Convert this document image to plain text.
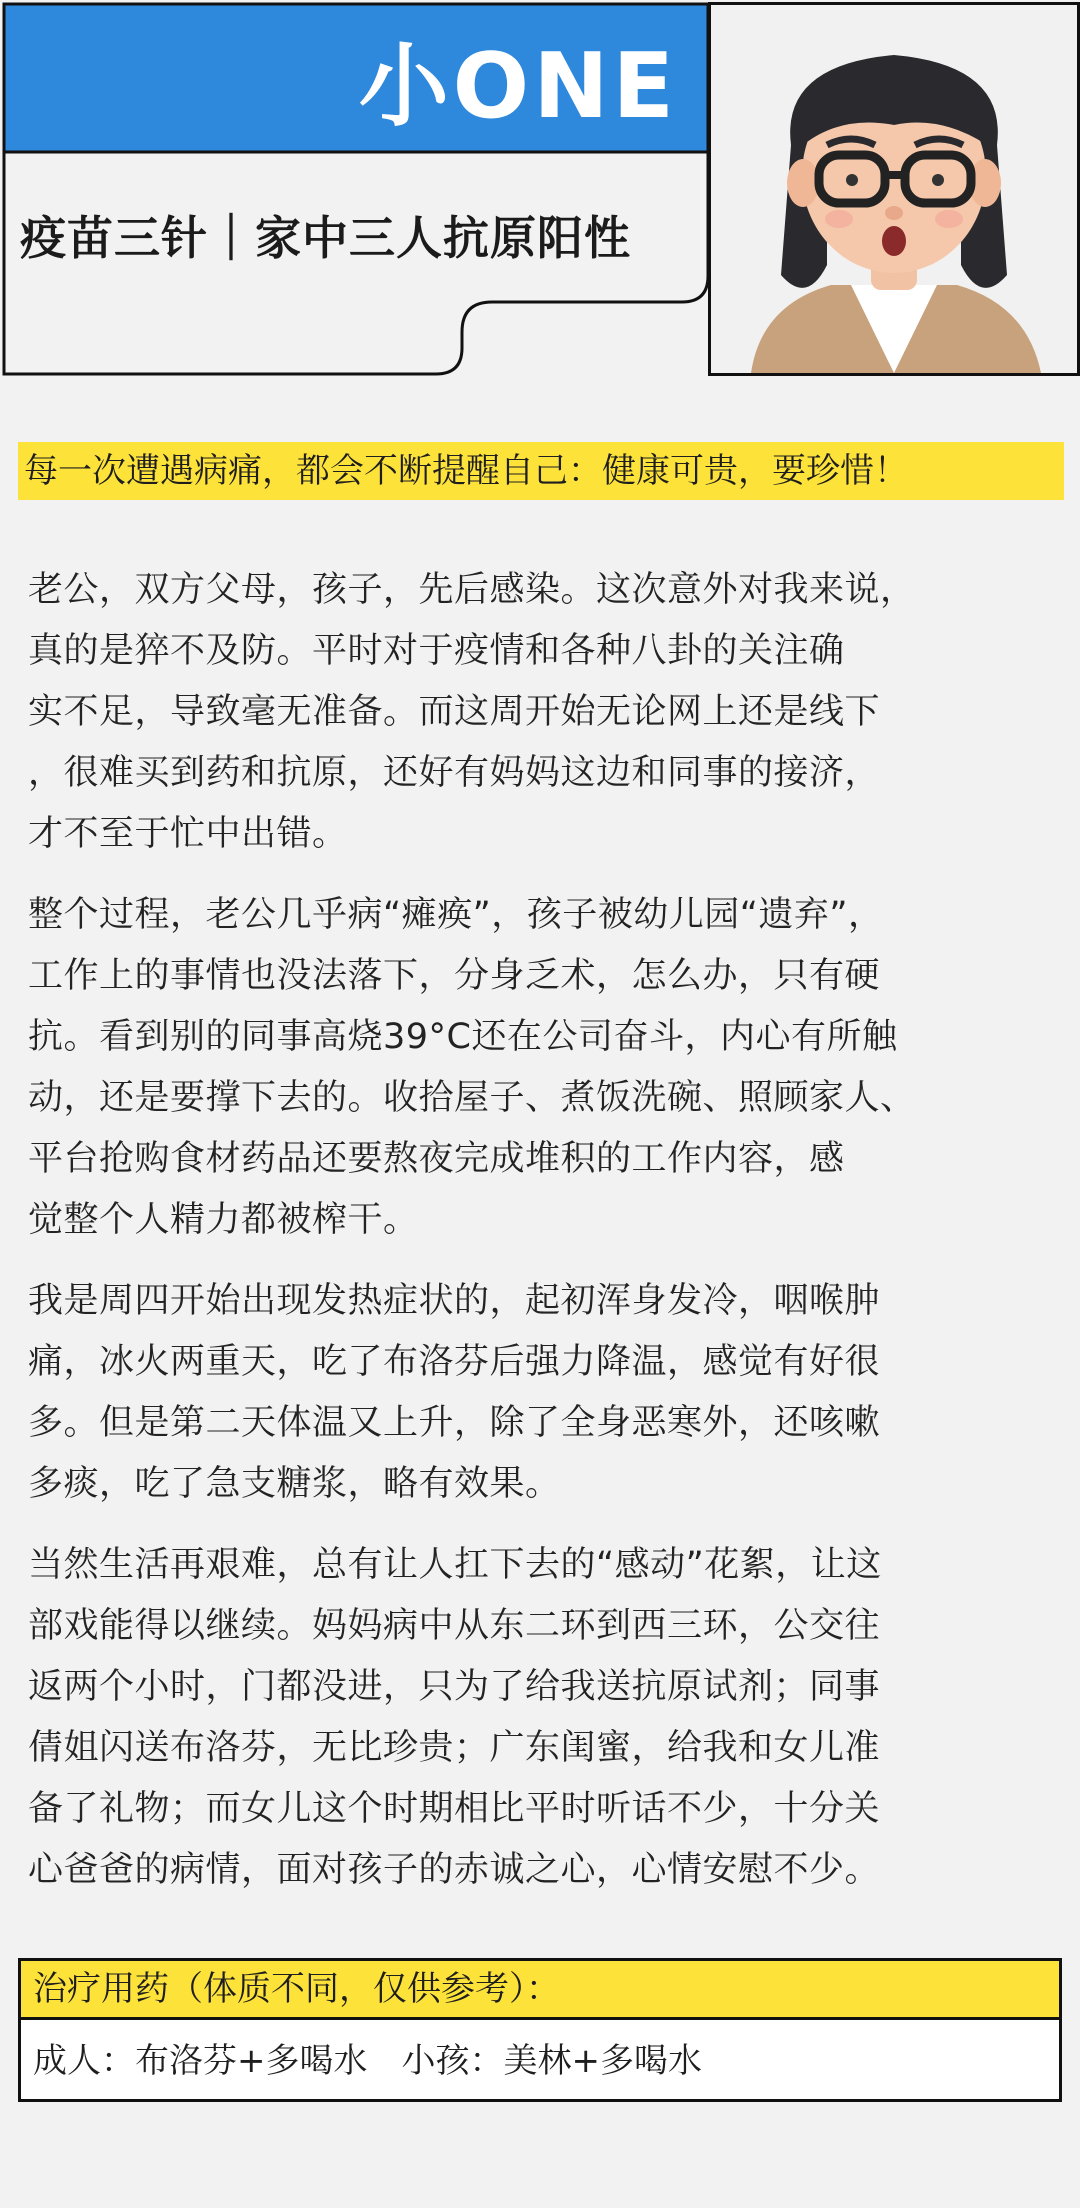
小ONE
疫苗三针｜家中三人抗原阳性
每一次遭遇病痛，都会不断提醒自己：健康可贵，要珍惜！
老公，双方父母，孩子，先后感染。这次意外对我来说，
真的是猝不及防。平时对于疫情和各种八卦的关注确
实不足，导致毫无准备。而这周开始无论网上还是线下
，很难买到药和抗原，还好有妈妈这边和同事的接济，
才不至于忙中出错。
整个过程，老公几乎病“瘫痪”，孩子被幼儿园“遗弃”，
工作上的事情也没法落下，分身乏术，怎么办，只有硬
抗。看到别的同事高烧39°C还在公司奋斗，内心有所触
动，还是要撑下去的。收拾屋子、煮饭洗碗、照顾家人、
平台抢购食材药品还要熬夜完成堆积的工作内容，感
觉整个人精力都被榨干。
我是周四开始出现发热症状的，起初浑身发冷，咽喉肿
痛，冰火两重天，吃了布洛芬后强力降温，感觉有好很
多。但是第二天体温又上升，除了全身恶寒外，还咳嗽
多痰，吃了急支糖浆，略有效果。
当然生活再艰难，总有让人扛下去的“感动”花絮，让这
部戏能得以继续。妈妈病中从东二环到西三环，公交往
返两个小时，门都没进，只为了给我送抗原试剂；同事
倩姐闪送布洛芬，无比珍贵；广东闺蜜，给我和女儿准
备了礼物；而女儿这个时期相比平时听话不少，十分关
心爸爸的病情，面对孩子的赤诚之心，心情安慰不少。
治疗用药（体质不同，仅供参考）：
成人：布洛芬+多喝水　小孩：美林+多喝水
